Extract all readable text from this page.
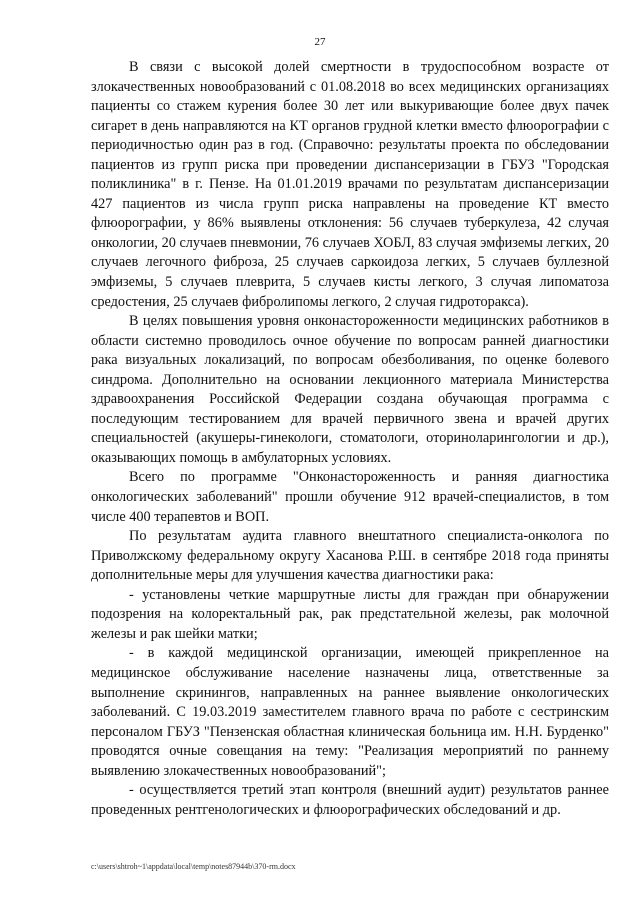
27

В связи с высокой долей смертности в трудоспособном возрасте от злокачественных новообразований с 01.08.2018 во всех медицинских организациях пациенты со стажем курения более 30 лет или выкуривающие более двух пачек сигарет в день направляются на КТ органов грудной клетки вместо флюорографии с периодичностью один раз в год. (Справочно: результаты проекта по обследовании пациентов из групп риска при проведении диспансеризации в ГБУЗ "Городская поликлиника" в г. Пензе. На 01.01.2019 врачами по результатам диспансеризации 427 пациентов из числа групп риска направлены на проведение КТ вместо флюорографии, у 86% выявлены отклонения: 56 случаев туберкулеза, 42 случая онкологии, 20 случаев пневмонии, 76 случаев ХОБЛ, 83 случая эмфиземы легких, 20 случаев легочного фиброза, 25 случаев саркоидоза легких, 5 случаев буллезной эмфиземы, 5 случаев плеврита, 5 случаев кисты легкого, 3 случая липоматоза средостения, 25 случаев фибролипомы легкого, 2 случая гидроторакса).

В целях повышения уровня онконастороженности медицинских работников в области системно проводилось очное обучение по вопросам ранней диагностики рака визуальных локализаций, по вопросам обезболивания, по оценке болевого синдрома. Дополнительно на основании лекционного материала Министерства здравоохранения Российской Федерации создана обучающая программа с последующим тестированием для врачей первичного звена и врачей других специальностей (акушеры-гинекологи, стоматологи, оториноларингологии и др.), оказывающих помощь в амбулаторных условиях.

Всего по программе "Онконастороженность и ранняя диагностика онкологических заболеваний" прошли обучение 912 врачей-специалистов, в том числе 400 терапевтов и ВОП.

По результатам аудита главного внештатного специалиста-онколога по Приволжскому федеральному округу Хасанова Р.Ш. в сентябре 2018 года приняты дополнительные меры для улучшения качества диагностики рака:

- установлены четкие маршрутные листы для граждан при обнаружении подозрения на колоректальный рак, рак предстательной железы, рак молочной железы и рак шейки матки;

- в каждой медицинской организации, имеющей прикрепленное на медицинское обслуживание население назначены лица, ответственные за выполнение скринингов, направленных на раннее выявление онкологических заболеваний. С 19.03.2019 заместителем главного врача по работе с сестринским персоналом ГБУЗ "Пензенская областная клиническая больница им. Н.Н. Бурденко" проводятся очные совещания на тему: "Реализация мероприятий по раннему выявлению злокачественных новообразований";

- осуществляется третий этап контроля (внешний аудит) результатов раннее проведенных рентгенологических и флюорографических обследований и др.

c:\users\shtroh~1\appdata\local\temp\notes87944b\370-rm.docx
